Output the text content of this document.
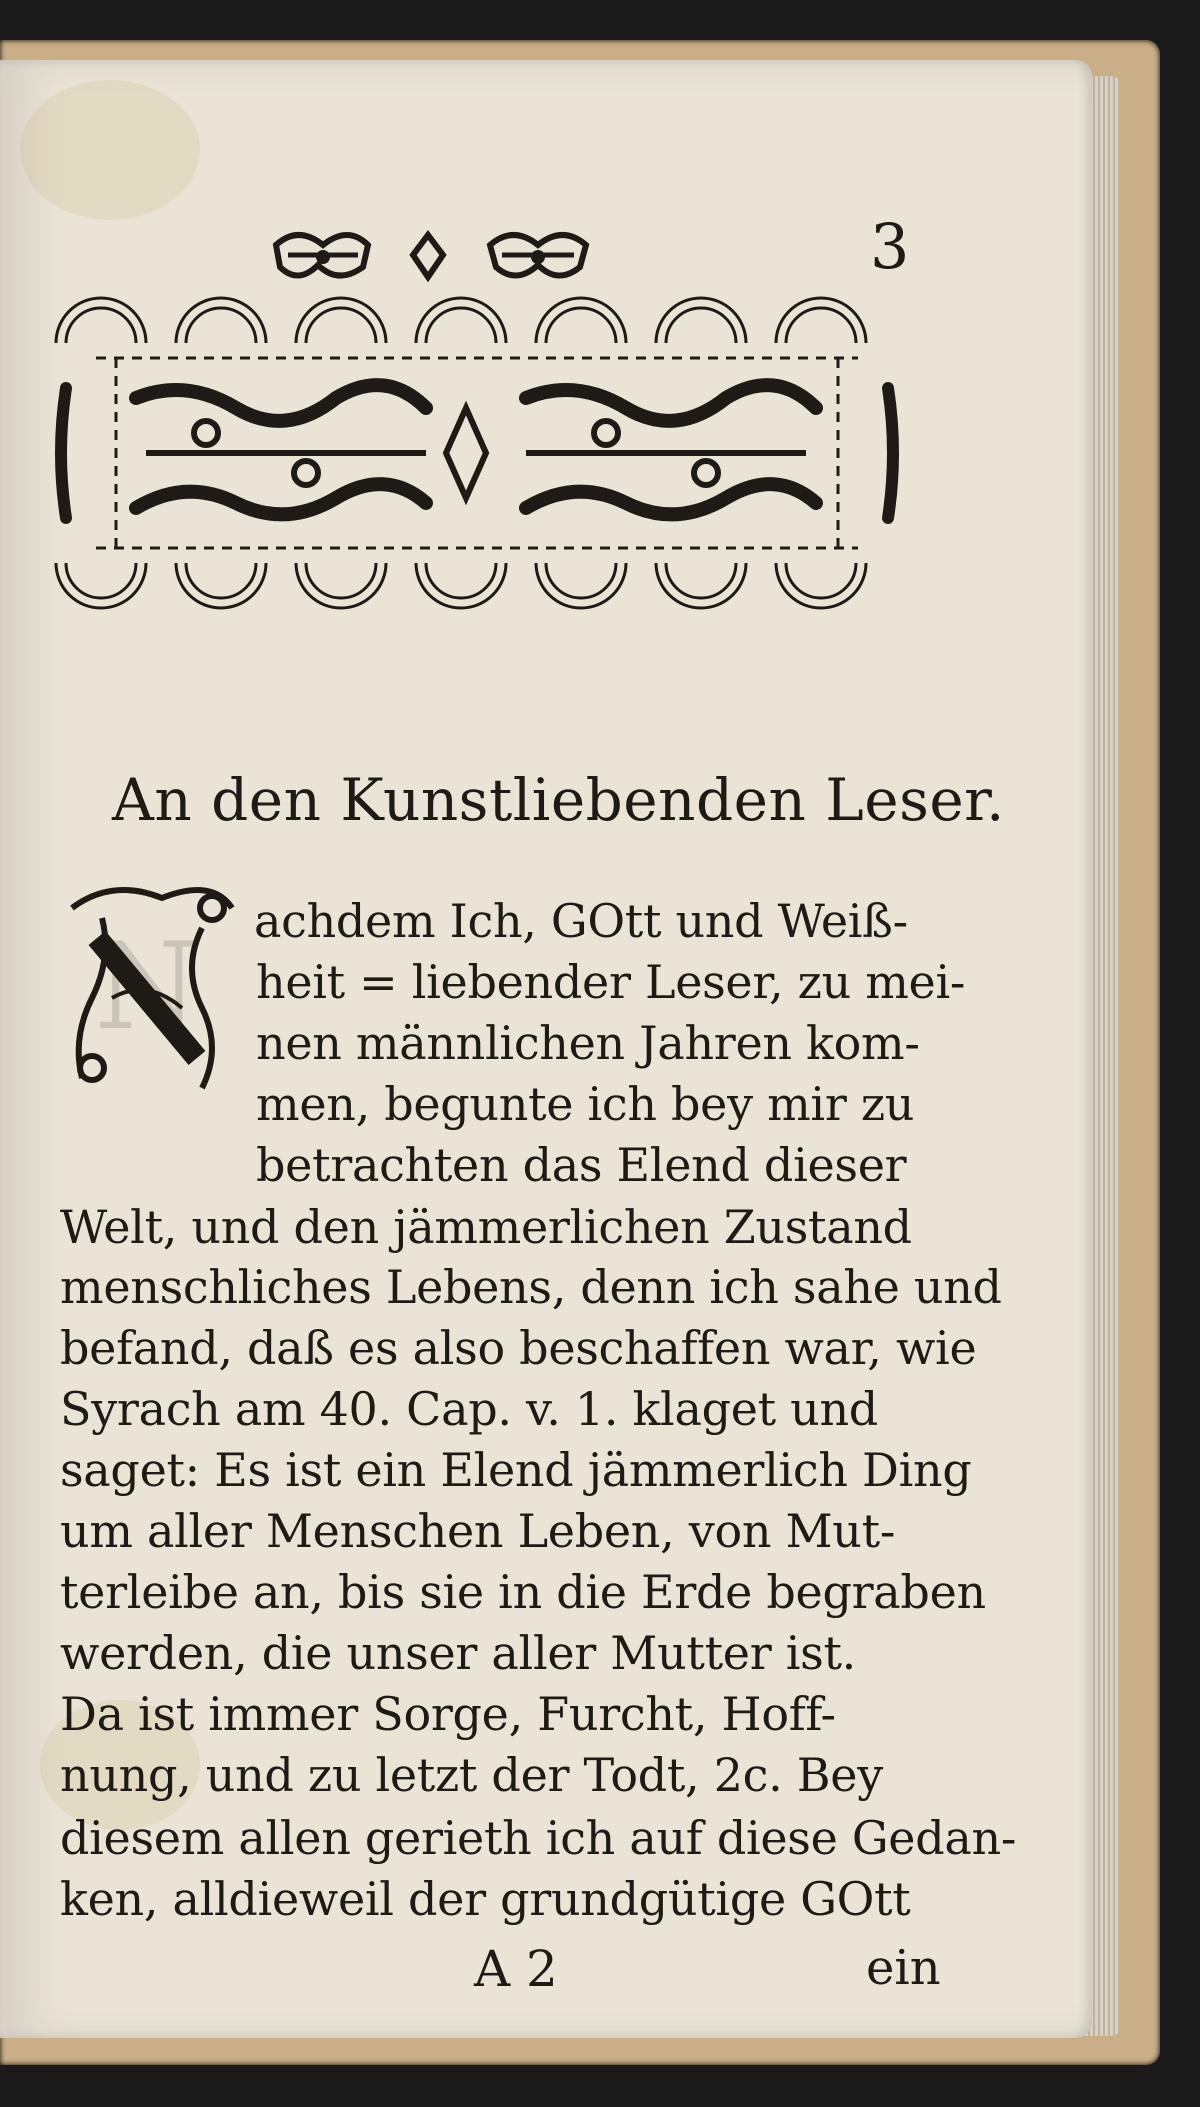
3
An den Kunstliebenden Leser.
N achdem Ich, GOtt und Weiß-
heit = liebender Leser, zu mei-
nen männlichen Jahren kom-
men, begunte ich bey mir zu
betrachten das Elend dieser
Welt, und den jämmerlichen Zustand
menschliches Lebens, denn ich sahe und
befand, daß es also beschaffen war, wie
Syrach am 40. Cap. v. 1. klaget und
saget: Es ist ein Elend jämmerlich Ding
um aller Menschen Leben, von Mut-
terleibe an, bis sie in die Erde begraben
werden, die unser aller Mutter ist.
Da ist immer Sorge, Furcht, Hoff-
nung, und zu letzt der Todt, 2c. Bey
diesem allen gerieth ich auf diese Gedan-
ken, alldieweil der grundgütige GOtt
A 2	ein
